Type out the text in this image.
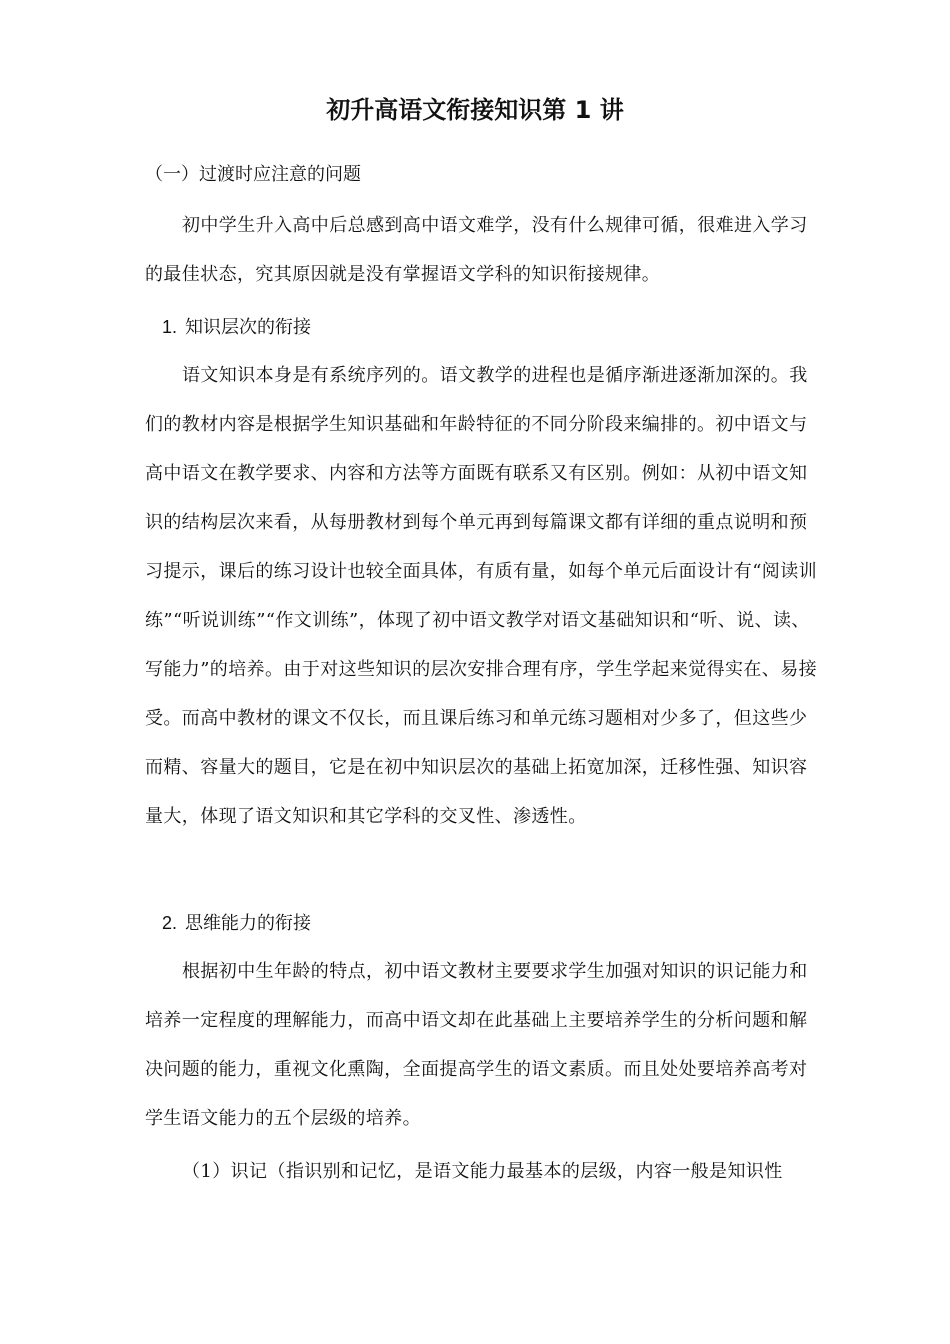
初升高语文衔接知识第 1 讲

（一）过渡时应注意的问题

初中学生升入高中后总感到高中语文难学，没有什么规律可循，很难进入学习的最佳状态，究其原因就是没有掌握语文学科的知识衔接规律。

1. 知识层次的衔接

语文知识本身是有系统序列的。语文教学的进程也是循序渐进逐渐加深的。我们的教材内容是根据学生知识基础和年龄特征的不同分阶段来编排的。初中语文与高中语文在教学要求、内容和方法等方面既有联系又有区别。例如：从初中语文知识的结构层次来看，从每册教材到每个单元再到每篇课文都有详细的重点说明和预习提示，课后的练习设计也较全面具体，有质有量，如每个单元后面设计有“阅读训练”“听说训练”“作文训练”，体现了初中语文教学对语文基础知识和“听、说、读、写能力”的培养。由于对这些知识的层次安排合理有序，学生学起来觉得实在、易接受。而高中教材的课文不仅长，而且课后练习和单元练习题相对少多了，但这些少而精、容量大的题目，它是在初中知识层次的基础上拓宽加深，迁移性强、知识容量大，体现了语文知识和其它学科的交叉性、渗透性。

2. 思维能力的衔接

根据初中生年龄的特点，初中语文教材主要要求学生加强对知识的识记能力和培养一定程度的理解能力，而高中语文却在此基础上主要培养学生的分析问题和解决问题的能力，重视文化熏陶，全面提高学生的语文素质。而且处处要培养高考对学生语文能力的五个层级的培养。

（1）识记（指识别和记忆，是语文能力最基本的层级，内容一般是知识性
